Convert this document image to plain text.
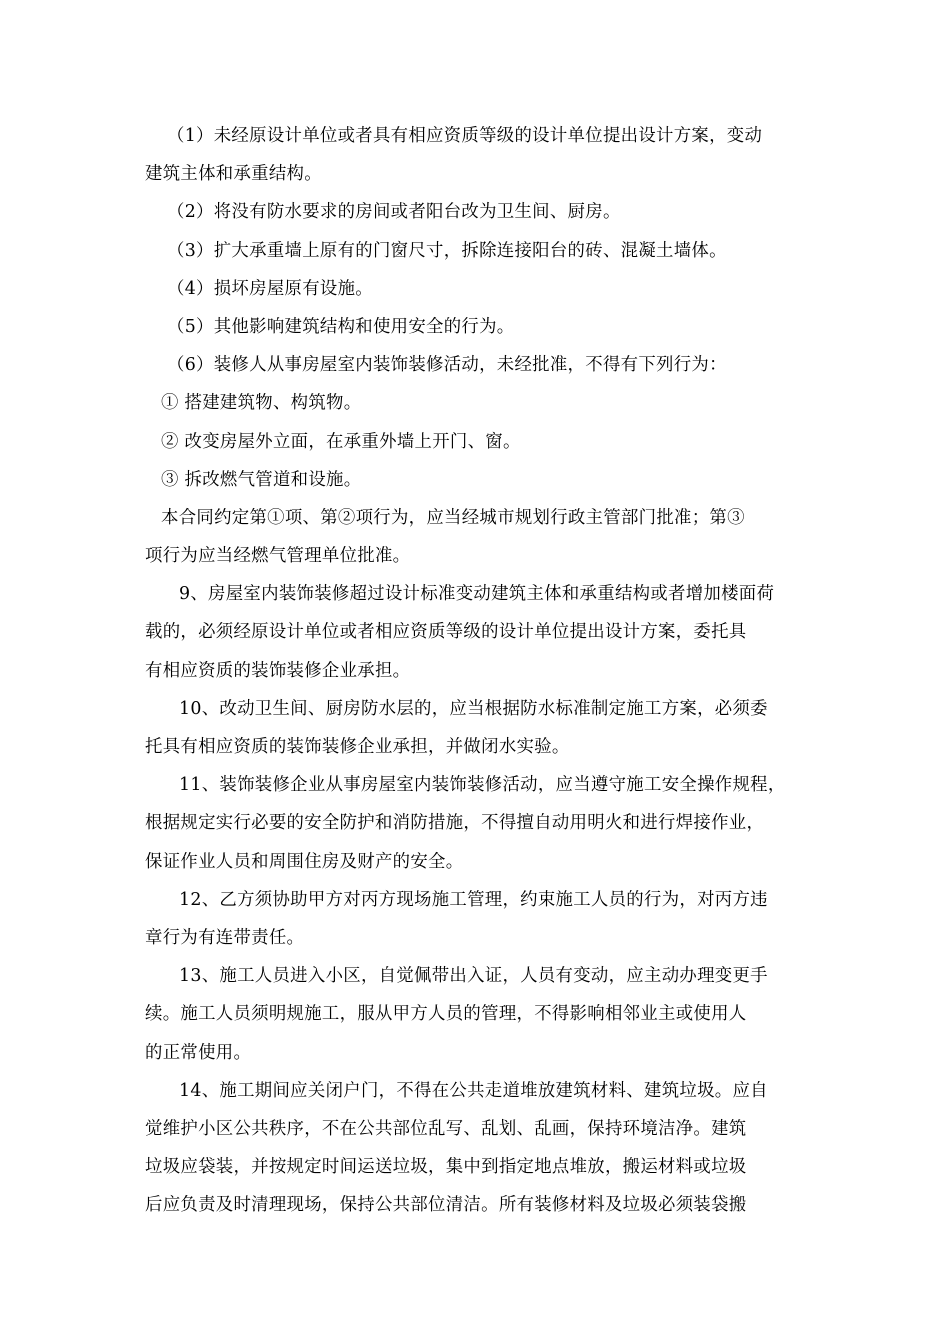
（1）未经原设计单位或者具有相应资质等级的设计单位提出设计方案，变动
建筑主体和承重结构。

（2）将没有防水要求的房间或者阳台改为卫生间、厨房。

（3）扩大承重墙上原有的门窗尺寸，拆除连接阳台的砖、混凝土墙体。

（4）损坏房屋原有设施。

（5）其他影响建筑结构和使用安全的行为。

（6）装修人从事房屋室内装饰装修活动，未经批准，不得有下列行为：

① 搭建建筑物、构筑物。

② 改变房屋外立面，在承重外墙上开门、窗。

③ 拆改燃气管道和设施。

本合同约定第①项、第②项行为，应当经城市规划行政主管部门批准；第③
项行为应当经燃气管理单位批准。

9、房屋室内装饰装修超过设计标准变动建筑主体和承重结构或者增加楼面荷
载的，必须经原设计单位或者相应资质等级的设计单位提出设计方案，委托具
有相应资质的装饰装修企业承担。

10、改动卫生间、厨房防水层的，应当根据防水标准制定施工方案，必须委
托具有相应资质的装饰装修企业承担，并做闭水实验。

11、装饰装修企业从事房屋室内装饰装修活动，应当遵守施工安全操作规程，
根据规定实行必要的安全防护和消防措施，不得擅自动用明火和进行焊接作业，
保证作业人员和周围住房及财产的安全。

12、乙方须协助甲方对丙方现场施工管理，约束施工人员的行为，对丙方违
章行为有连带责任。

13、施工人员进入小区，自觉佩带出入证，人员有变动，应主动办理变更手
续。施工人员须明规施工，服从甲方人员的管理，不得影响相邻业主或使用人
的正常使用。

14、施工期间应关闭户门，不得在公共走道堆放建筑材料、建筑垃圾。应自
觉维护小区公共秩序，不在公共部位乱写、乱划、乱画，保持环境洁净。建筑
垃圾应袋装，并按规定时间运送垃圾，集中到指定地点堆放，搬运材料或垃圾
后应负责及时清理现场，保持公共部位清洁。所有装修材料及垃圾必须装袋搬
